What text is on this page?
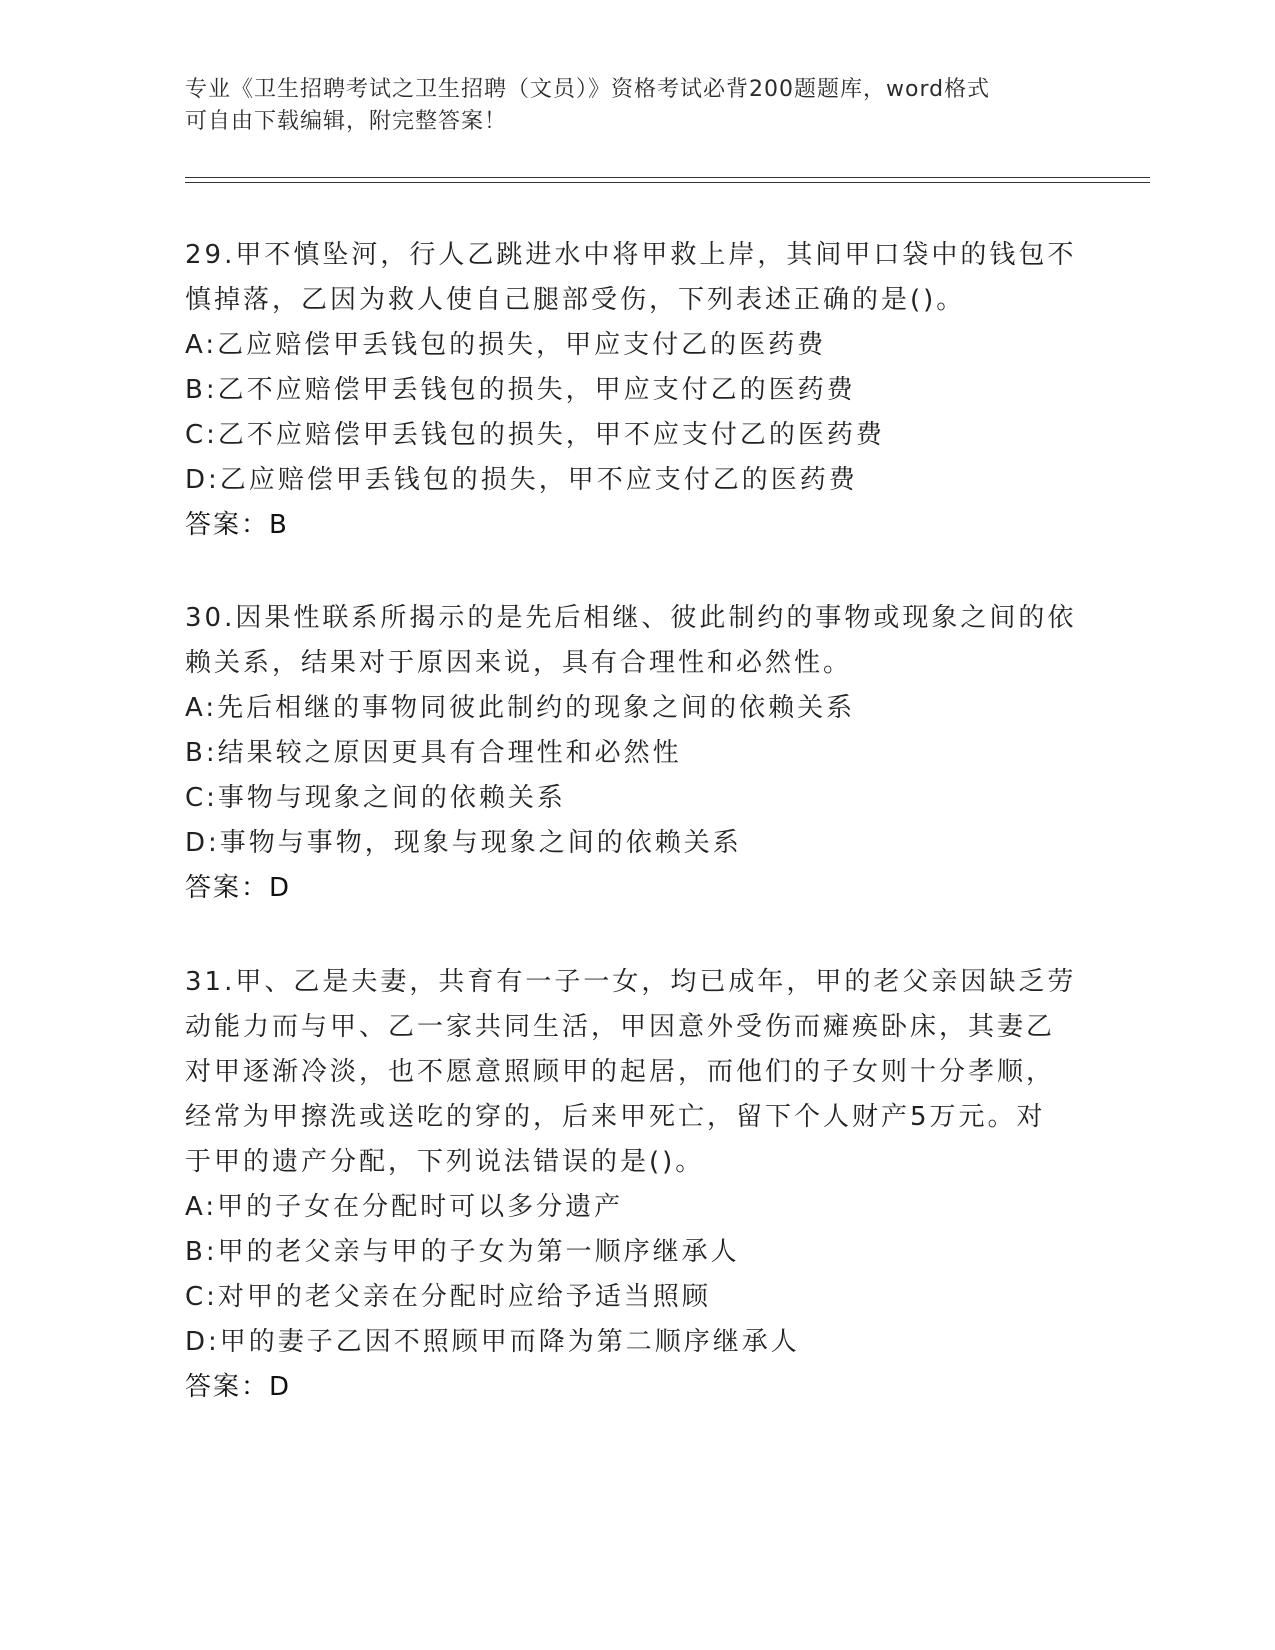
专业《卫生招聘考试之卫生招聘（文员）》资格考试必背200题题库，word格式
可自由下载编辑，附完整答案！
29.甲不慎坠河，行人乙跳进水中将甲救上岸，其间甲口袋中的钱包不
慎掉落，乙因为救人使自己腿部受伤，下列表述正确的是()。
A:乙应赔偿甲丢钱包的损失，甲应支付乙的医药费
B:乙不应赔偿甲丢钱包的损失，甲应支付乙的医药费
C:乙不应赔偿甲丢钱包的损失，甲不应支付乙的医药费
D:乙应赔偿甲丢钱包的损失，甲不应支付乙的医药费
答案：B
30.因果性联系所揭示的是先后相继、彼此制约的事物或现象之间的依
赖关系，结果对于原因来说，具有合理性和必然性。
A:先后相继的事物同彼此制约的现象之间的依赖关系
B:结果较之原因更具有合理性和必然性
C:事物与现象之间的依赖关系
D:事物与事物，现象与现象之间的依赖关系
答案：D
31.甲、乙是夫妻，共育有一子一女，均已成年，甲的老父亲因缺乏劳
动能力而与甲、乙一家共同生活，甲因意外受伤而瘫痪卧床，其妻乙
对甲逐渐冷淡，也不愿意照顾甲的起居，而他们的子女则十分孝顺，
经常为甲擦洗或送吃的穿的，后来甲死亡，留下个人财产5万元。对
于甲的遗产分配，下列说法错误的是()。
A:甲的子女在分配时可以多分遗产
B:甲的老父亲与甲的子女为第一顺序继承人
C:对甲的老父亲在分配时应给予适当照顾
D:甲的妻子乙因不照顾甲而降为第二顺序继承人
答案：D
